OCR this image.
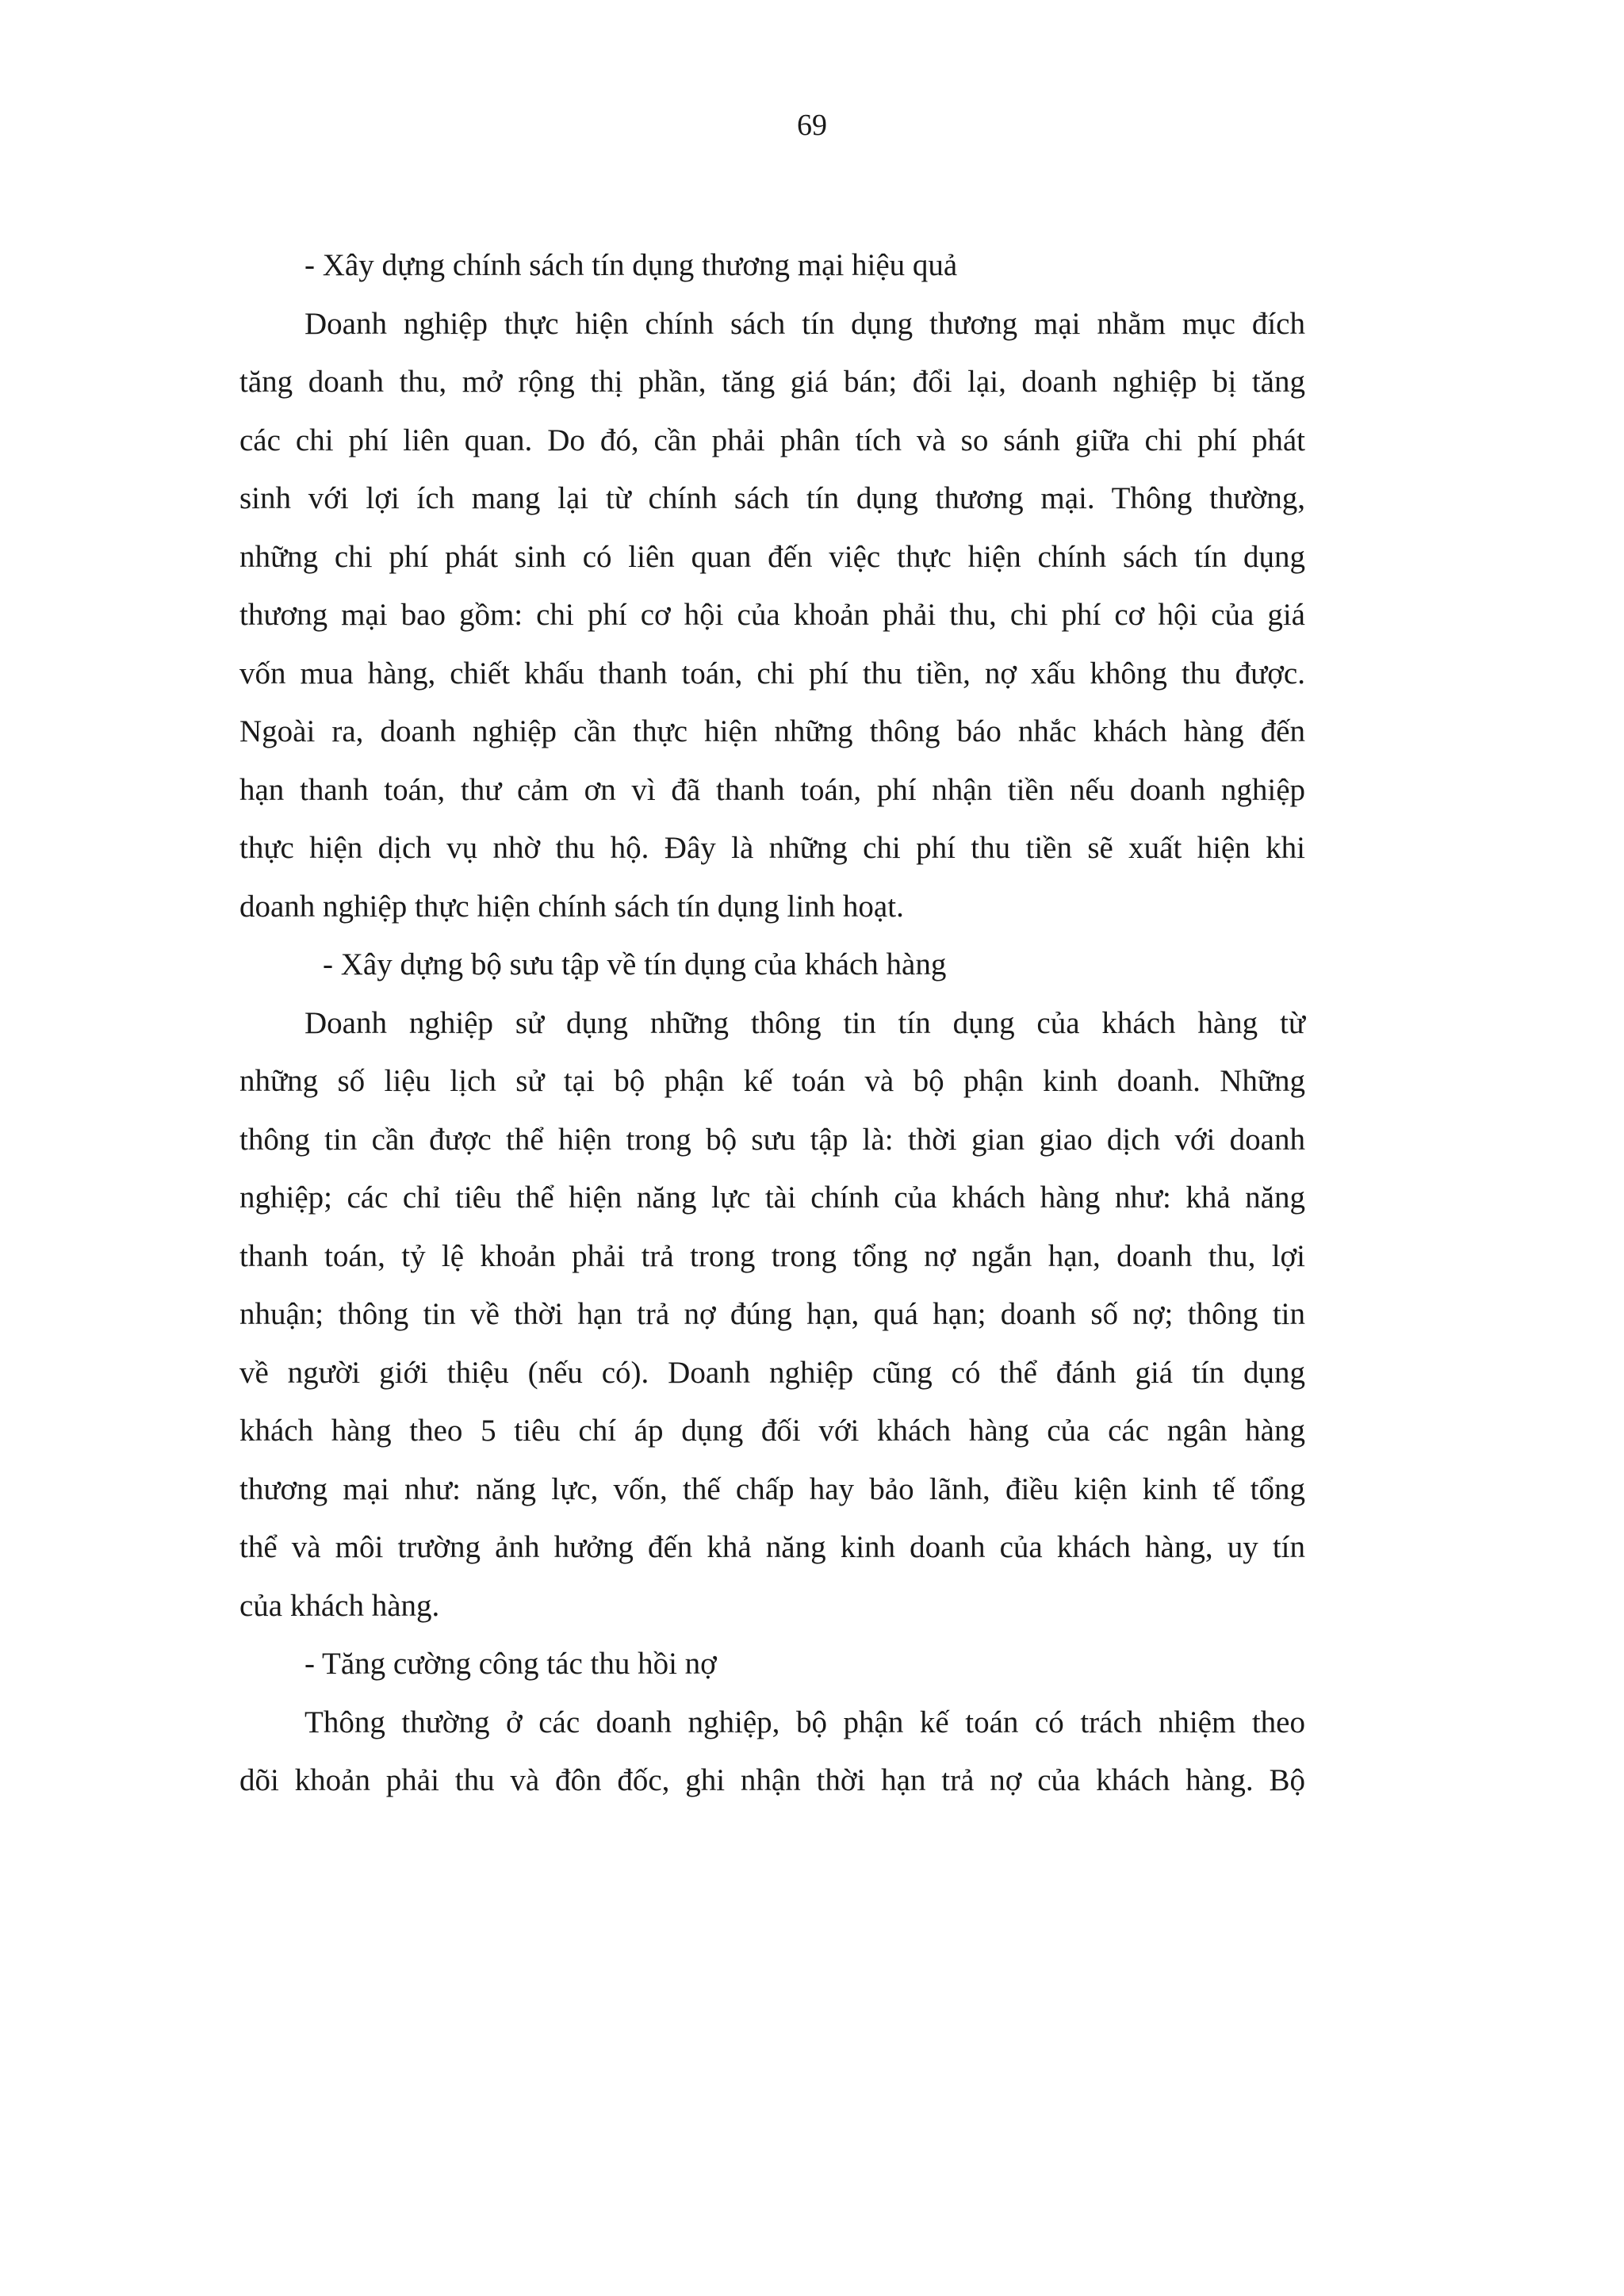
69
- Xây dựng chính sách tín dụng thương mại hiệu quả
Doanh nghiệp thực hiện chính sách tín dụng thương mại nhằm mục đích
tăng doanh thu, mở rộng thị phần, tăng giá bán; đổi lại, doanh nghiệp bị tăng
các chi phí liên quan. Do đó, cần phải phân tích và so sánh giữa chi phí phát
sinh với lợi ích mang lại từ chính sách tín dụng thương mại. Thông thường,
những chi phí phát sinh có liên quan đến việc thực hiện chính sách tín dụng
thương mại bao gồm: chi phí cơ hội của khoản phải thu, chi phí cơ hội của giá
vốn mua hàng, chiết khấu thanh toán, chi phí thu tiền, nợ xấu không thu được.
Ngoài ra, doanh nghiệp cần thực hiện những thông báo nhắc khách hàng đến
hạn thanh toán, thư cảm ơn vì đã thanh toán, phí nhận tiền nếu doanh nghiệp
thực hiện dịch vụ nhờ thu hộ. Đây là những chi phí thu tiền sẽ xuất hiện khi
doanh nghiệp thực hiện chính sách tín dụng linh hoạt.
- Xây dựng bộ sưu tập về tín dụng của khách hàng
Doanh nghiệp sử dụng những thông tin tín dụng của khách hàng từ
những số liệu lịch sử tại bộ phận kế toán và bộ phận kinh doanh. Những
thông tin cần được thể hiện trong bộ sưu tập là: thời gian giao dịch với doanh
nghiệp; các chỉ tiêu thể hiện năng lực tài chính của khách hàng như: khả năng
thanh toán, tỷ lệ khoản phải trả trong trong tổng nợ ngắn hạn, doanh thu, lợi
nhuận; thông tin về thời hạn trả nợ đúng hạn, quá hạn; doanh số nợ; thông tin
về người giới thiệu (nếu có). Doanh nghiệp cũng có thể đánh giá tín dụng
khách hàng theo 5 tiêu chí áp dụng đối với khách hàng của các ngân hàng
thương mại như: năng lực, vốn, thế chấp hay bảo lãnh, điều kiện kinh tế tổng
thể và môi trường ảnh hưởng đến khả năng kinh doanh của khách hàng, uy tín
của khách hàng.
- Tăng cường công tác thu hồi nợ
Thông thường ở các doanh nghiệp, bộ phận kế toán có trách nhiệm theo
dõi khoản phải thu và đôn đốc, ghi nhận thời hạn trả nợ của khách hàng. Bộ
